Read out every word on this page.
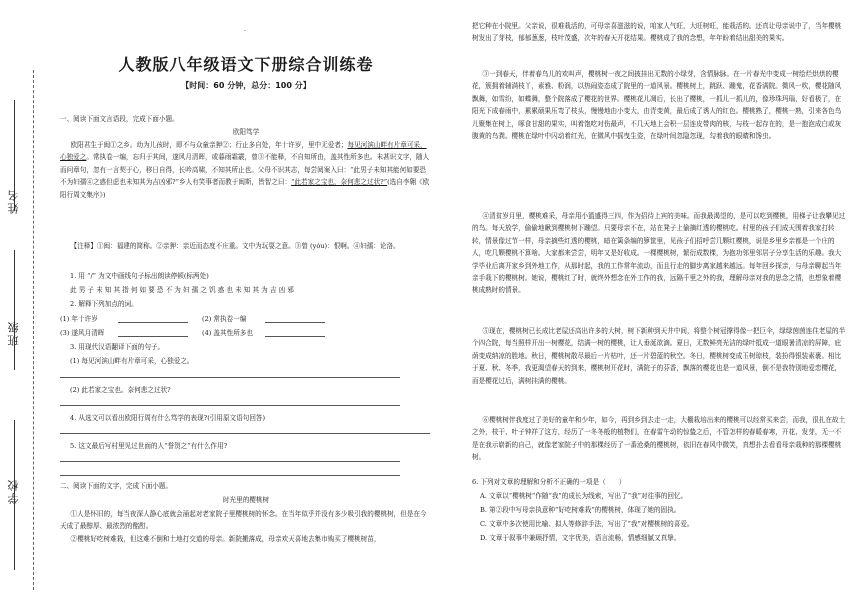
姓名
班级
学校
·
人教版八年级语文下册综合训练卷
【时间：60 分钟，总分：100 分】

一、阅读下面文言语段，完成下面小题。

欧阳笃学

欧阳君生于闽①之乡。幼为儿孩时，即不与众童亲狎②；行止多自处，年十许岁，里中无爱者；每见河滨山畔有片章可采，心独爱之。常执卷一编，忘归于其间，遂风月清晖，或暮雨霜霰，曾③不能释，不自知所由，盖其性所多也。未甚识文字，随人而问章句，忽有一言契于心，移日自得，长吟高啸，不知其所止也。父母不识其志，每尝阅案入曰：“此男子未知其能何如要恐不为妇孺④之惑但虑也未知其为吉凶邪?”乡人有笑事者而教于闽斯，皆智之曰：“此若家之宝也，奈何悲之过状?”(选自李翱《欧阳行周文集序》)

【注释】①闽：福建的简称。②亲狎：亲近而态度不庄重。文中为玩耍之意。③曾 (yóu)：恨啊。④妇孺：论洛。

1. 用 “/” 为文中画线句子标出朗读停顿(标两处)

此 男 子 未 知 其 指 何 如 要 恐 不 为 妇 孺 之 饥 惑 也 未 知 其 为 吉 凶 邪

2. 解释下列加点的词。

(1) 年十许岁	(2) 常执卷一编

(3) 遂风月清晖	(4) 盖其性所多也

3. 用现代汉语翻译下面的句子。

(1) 每见河滨山畔有片章可采，心独爱之。

(2) 此若家之宝也。奈何悲之过状?

4. 从选文可以看出欧阳行周有什么笃学的表现?(引用原文语句回答)

5. 这文最后写村里见过世面的人“誉贺之”有什么作用?

二、阅读下面的文字，完成下面小题。

时光里的樱桃树

①人是怀旧的，每当夜深人静心底就会涌起对老家院子里樱桃树的怀念。在当年似乎并没有多少吸引我的樱桃树，但是在今天成了最醇厚、最浓烈的酩酊。

②樱桃好吃树难栽，但这难不倒和土地打交道的母亲。新院搬落成，母亲欢天喜地去集市购买了樱桃树苗，

把它种在小院里。父亲说，很难栽活的，可母亲喜滋滋的说，咱家人气旺，大旺树旺，能栽活的。还真让母亲说中了，当年樱桃树发出了芽枝，郁郁葱葱，枝叶茂盛，次年的春天开花结果。樱桃成了我的念想，年年盼着结出甜美的果实。

③一到春天，伴着春鸟儿的欢叫声，樱桃树一夜之间披挂出无数的小绿芽，含情脉脉。在一片春光中变成一树绘烂烘烘的樱花，簇拥着辅满枝丫，素雅、粉润，以热闹姿态成了院里的一道风景。樱桃树上，跳跃、蹦鬼，花香满院。微风一吹，樱花随风飘舞，如雪纷，如蝶舞，整个院落成了樱花的世界。樱桃花儿凋后，长出了樱桃，一抓儿一抓儿的，像珍珠玛瑙，好看极了，在阳光下成春雨中，累累硕果压弯了枝头，慢慢地由小变大，由青变黄，最后成了诱人的红色。樱桃熟了，樱桃一熟，引来各色鸟儿聚集在树上，啄食甘甜的果实，叫着饱吃对伤最声，不几天地上会积一层连皮带肉的核，与枝一起存在的，是一抱泡成白或灰腹黄的鸟粪。樱桃在绿叶中闪动着红光，在微风中摇曳生姿，在绿叶间忽隐忽现，勾着我的眼睛和馋虫。

④清贫岁月里，樱桃难采，母亲用小篮盛得三四，作为招待上宾的美味。而我最渴望的，是可以吃到樱桃，用梯子让我攀见过的鸟。每天放学，偷偷地瞅到樱桃树下蹦望。只要母亲不在，站在凳子上偷摘红透的樱桃吃。村里的孩子们成天围着我家打转转，情景像过节一样，母亲摘些红透的樱桃，暗在篱条编的箩筐里，见孩子们招呼尝几颗红樱桃，说是乡里乡亲都是一个庄的人，吃几颗樱桃不算啥。大家都来尝尝，明年又是好收成。一棵樱桃树，繁衍成数棵，为抱功邻里邻居子分享生活的乐趣。我大学毕业后离开家乡到外地工作，从那时起，我的工作常年流动，而且行走的脚步离家越来越远。每年回乡探亲，与母亲聊起当年亲手栽下的樱桃树。她说，樱桃红了时，就终外想念在外工作的我，远隔千里之外的我，理解母亲对我的思念之情，也想象着樱桃成熟时的情景。

⑤现在，樱桃树已长成比老屋还高出许多的大树，树下新种到天井中间，将整个树冠撑得像一把巨伞，绿绿茵茵连住老屋的半个四合院，每当照样开出一树樱花，结满一树的樱桃，让人垂涎欲滴。夏日，无数鲜亮光洁的绿叶抵成一道眼暑清凉的屏障，庇荫变成纳凉的胜地。秋日，樱桃树散尽最后一片枯叶，还一片碧蓝的秋空。冬日，樱桃树变成玉树琼枝，装扮得银装素裹。相比于夏、秋、冬季，我更渴望春天的到来，樱桃树开花时，满院子的芬香，飘落的樱花也是一道风景，倒不是我特别地爱恋樱花，而是樱花过后，满树挂满的樱桃。

⑥樱桃树伴我度过了美好的童年和少年，如今，再到乡到去走一走，大棚栽培出来的樱桃可以经常买来尝，而我，很扎在故土之外，枝干、叶子钟祥了这方，经历了一冬冬般的植物们，在春雷午动的惊蛰之后，不管怎样的春暖春寒，开花、发芽，无一不是在我示崭新的自己，就像老家院子中的那棵经历了一番沧桑的樱桃树，依旧在春风中微笑，真想扑去看看母亲栽种的那棵樱桃树。

6. 下列对文章的理解和分析不正确的一项是（　　）

A. 文章以“樱桃树”作随“我”的成长为线索，写出了“我”对往事的回忆。

B. 第②段中写母亲执意种“好吃树难栽”的樱桃树，体现了她的固执。

C. 文章中多次使用比喻、拟人等修辞手法，写出了“我”对樱桃树的喜爱。

D. 文章于叙事中兼顾抒情，文字优美，语言流畅，情感细腻又真挚。
